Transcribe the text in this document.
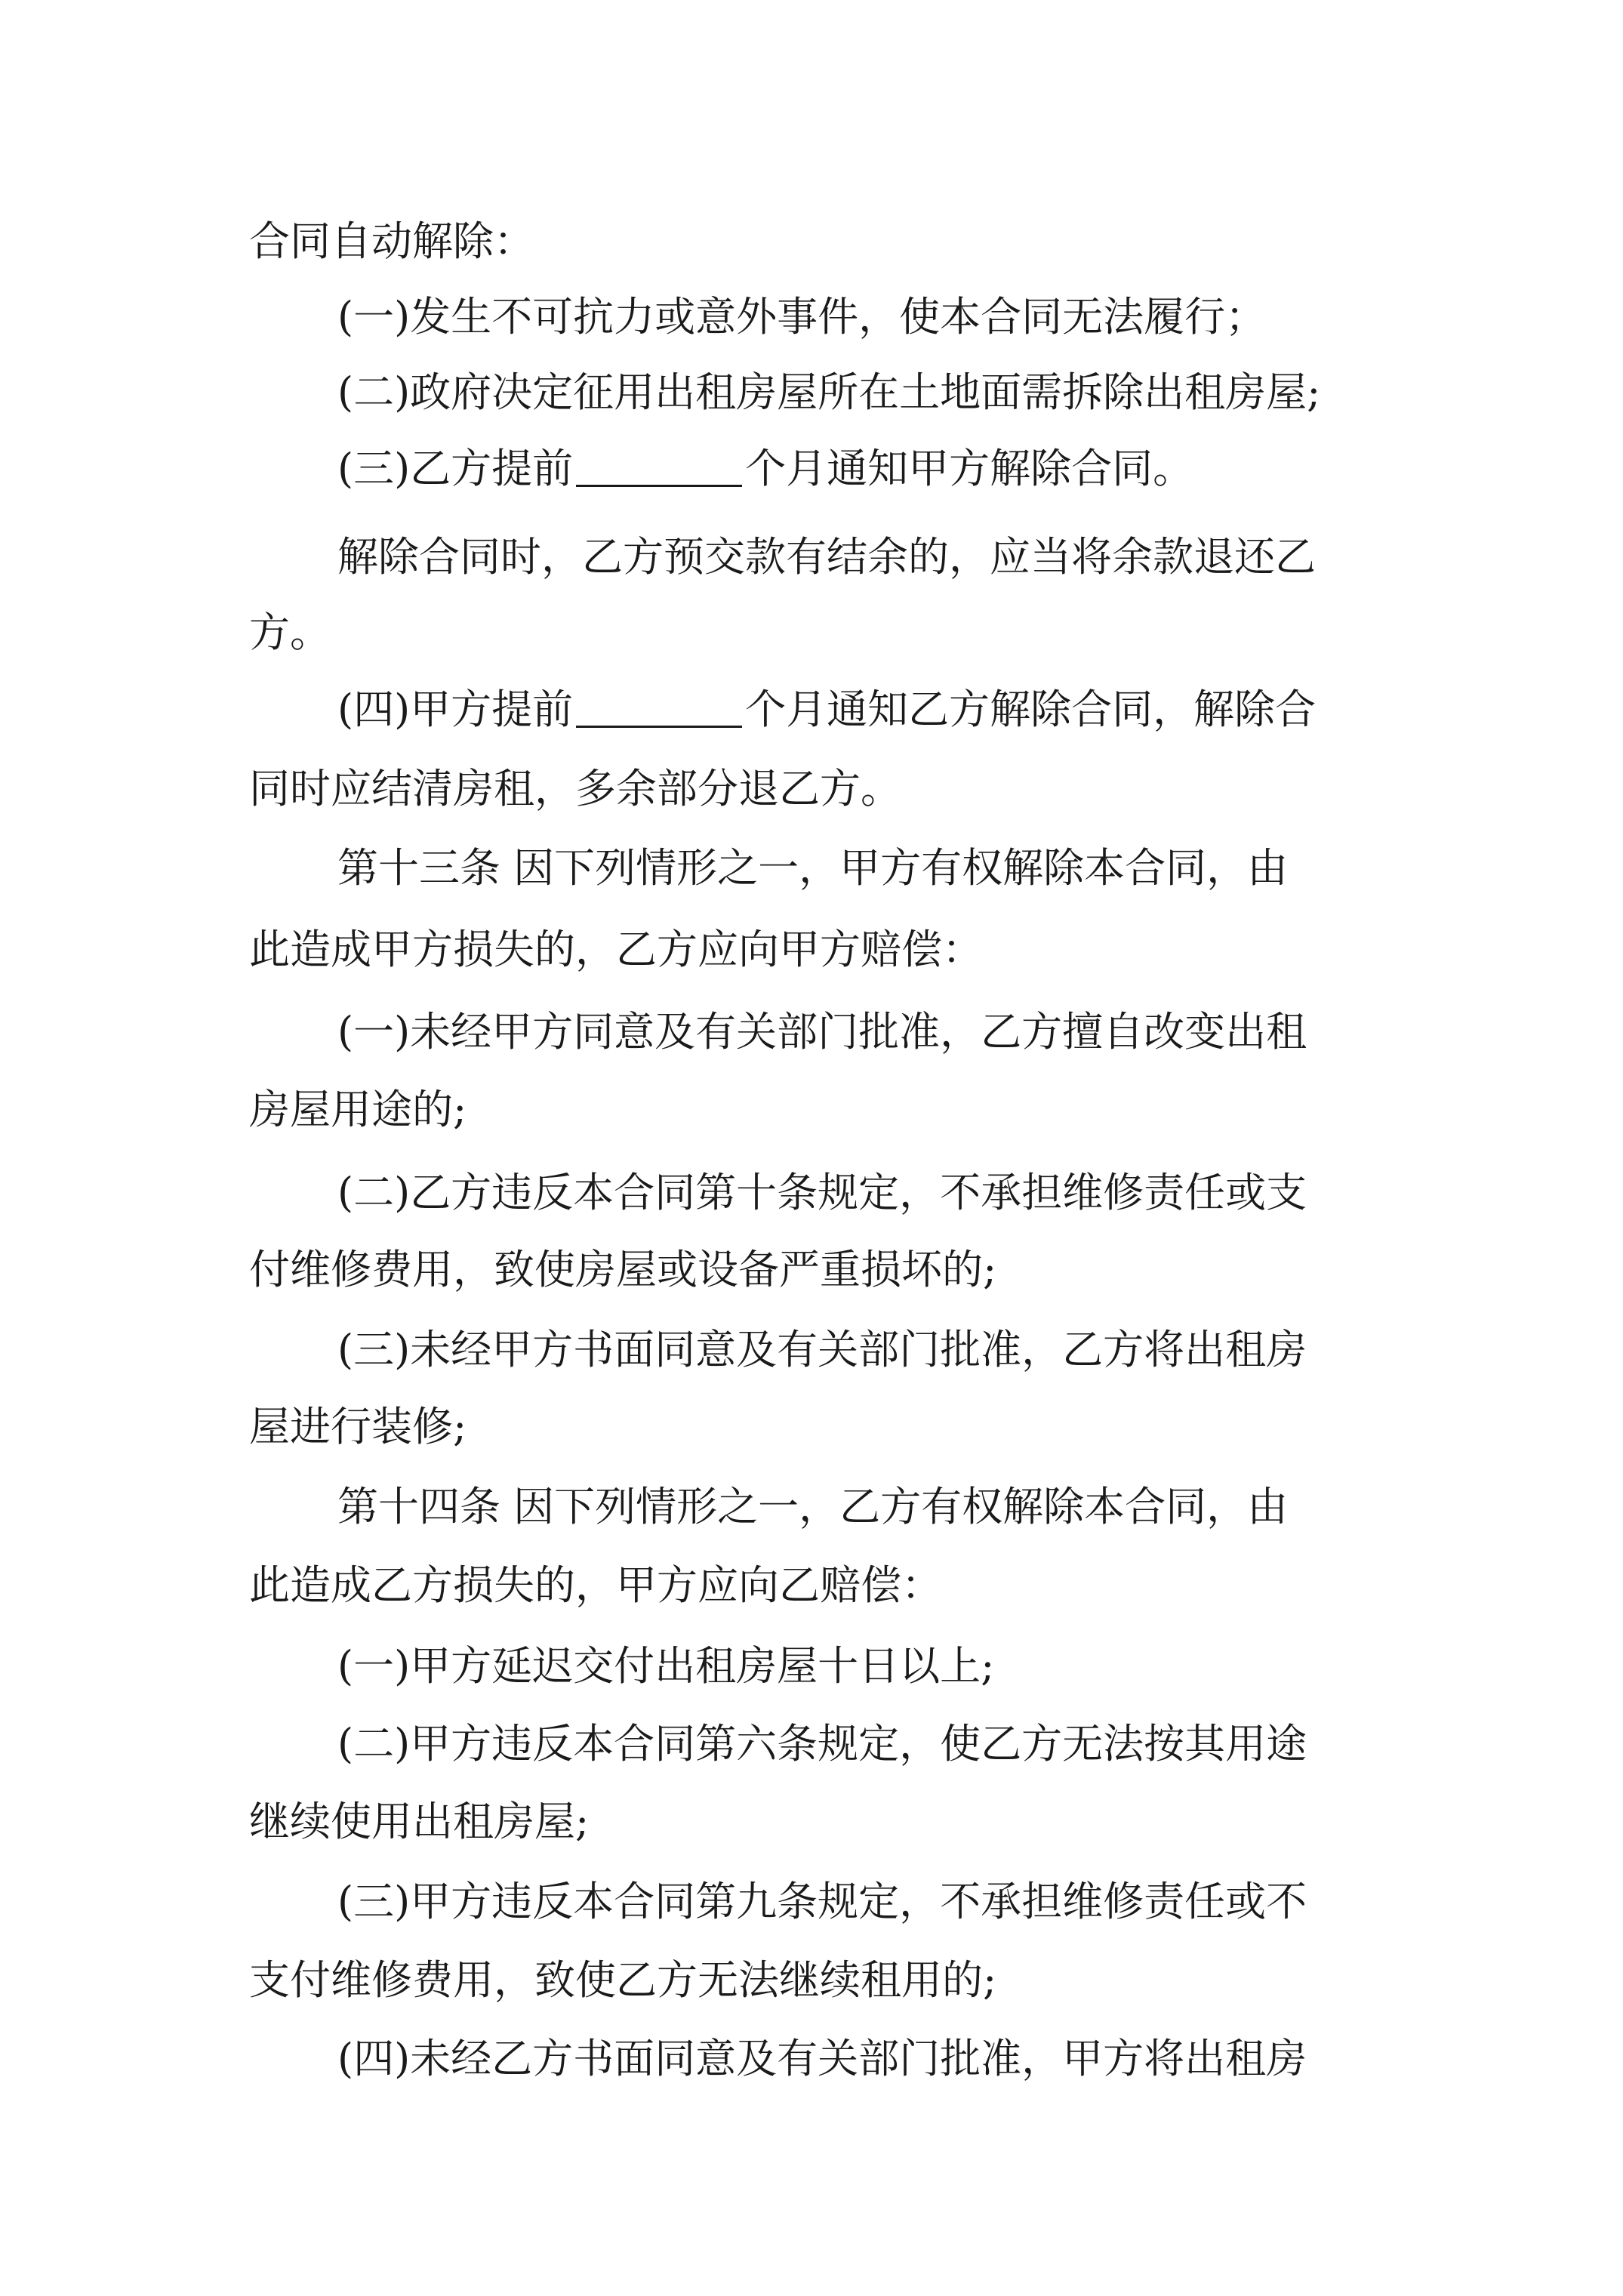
合同自动解除：
(一)发生不可抗力或意外事件，使本合同无法履行；
(二)政府决定征用出租房屋所在土地面需拆除出租房屋;
(三)乙方提前	个月通知甲方解除合同。
解除合同时，乙方预交款有结余的，应当将余款退还乙
方。
(四)甲方提前	个月通知乙方解除合同，解除合
同时应结清房租，多余部分退乙方。
第十三条 因下列情形之一，甲方有权解除本合同，由
此造成甲方损失的，乙方应向甲方赔偿：
(一)未经甲方同意及有关部门批准，乙方擅自改变出租
房屋用途的;
(二)乙方违反本合同第十条规定，不承担维修责任或支
付维修费用，致使房屋或设备严重损坏的;
(三)未经甲方书面同意及有关部门批准，乙方将出租房
屋进行装修;
第十四条 因下列情形之一，乙方有权解除本合同，由
此造成乙方损失的，甲方应向乙赔偿：
(一)甲方延迟交付出租房屋十日以上;
(二)甲方违反本合同第六条规定，使乙方无法按其用途
继续使用出租房屋;
(三)甲方违反本合同第九条规定，不承担维修责任或不
支付维修费用，致使乙方无法继续租用的;
(四)未经乙方书面同意及有关部门批准，甲方将出租房
